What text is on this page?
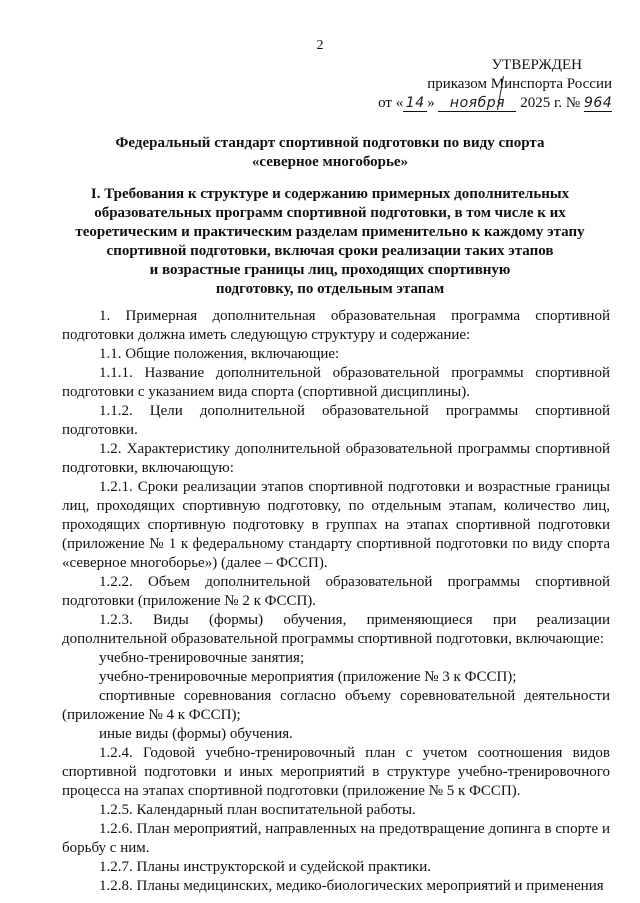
2
УТВЕРЖДЕН
приказом Минспорта России
от « 14 » ноября 2025 г. № 964
Федеральный стандарт спортивной подготовки по виду спорта
«северное многоборье»
I. Требования к структуре и содержанию примерных дополнительных
образовательных программ спортивной подготовки, в том числе к их
теоретическим и практическим разделам применительно к каждому этапу
спортивной подготовки, включая сроки реализации таких этапов
и возрастные границы лиц, проходящих спортивную
подготовку, по отдельным этапам

1. Примерная дополнительная образовательная программа спортивной подготовки должна иметь следующую структуру и содержание:

1.1. Общие положения, включающие:

1.1.1. Название дополнительной образовательной программы спортивной подготовки с указанием вида спорта (спортивной дисциплины).

1.1.2. Цели дополнительной образовательной программы спортивной подготовки.

1.2. Характеристику дополнительной образовательной программы спортивной подготовки, включающую:

1.2.1. Сроки реализации этапов спортивной подготовки и возрастные границы лиц, проходящих спортивную подготовку, по отдельным этапам, количество лиц, проходящих спортивную подготовку в группах на этапах спортивной подготовки (приложение № 1 к федеральному стандарту спортивной подготовки по виду спорта «северное многоборье») (далее – ФССП).

1.2.2. Объем дополнительной образовательной программы спортивной подготовки (приложение № 2 к ФССП).

1.2.3. Виды (формы) обучения, применяющиеся при реализации дополнительной образовательной программы спортивной подготовки, включающие:

учебно-тренировочные занятия;

учебно-тренировочные мероприятия (приложение № 3 к ФССП);

спортивные соревнования согласно объему соревновательной деятельности (приложение № 4 к ФССП);

иные виды (формы) обучения.

1.2.4. Годовой учебно-тренировочный план с учетом соотношения видов спортивной подготовки и иных мероприятий в структуре учебно-тренировочного процесса на этапах спортивной подготовки (приложение № 5 к ФССП).

1.2.5. Календарный план воспитательной работы.

1.2.6. План мероприятий, направленных на предотвращение допинга в спорте и борьбу с ним.

1.2.7. Планы инструкторской и судейской практики.

1.2.8. Планы медицинских, медико-биологических мероприятий и применения
